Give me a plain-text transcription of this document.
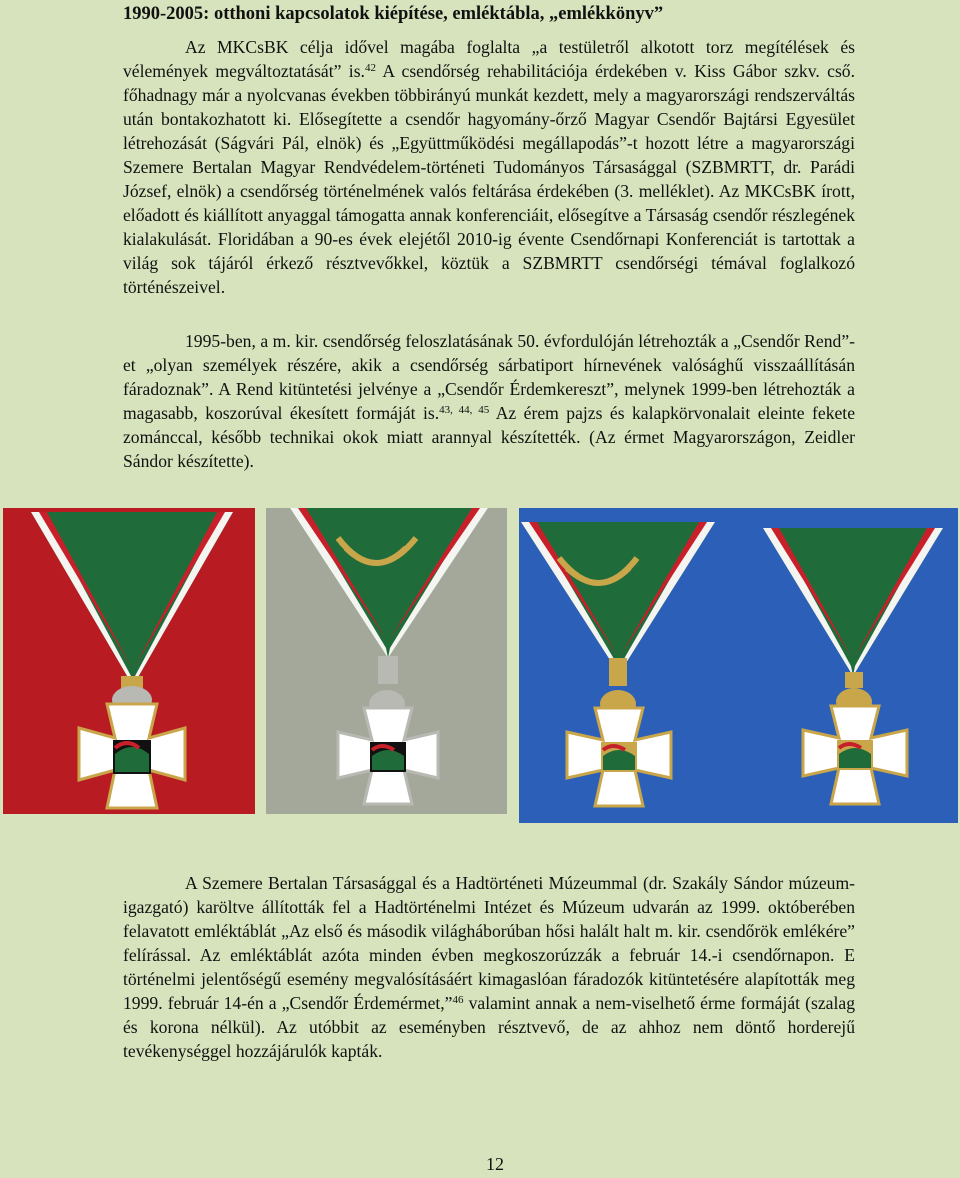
1990-2005: otthoni kapcsolatok kiépítése, emléktábla, „emlékkönyv”

Az MKCsBK célja idővel magába foglalta „a testületről alkotott torz megítélések és vélemények megváltoztatását” is.$^{42}$ A csendőrség rehabilitációja érdekében v. Kiss Gábor szkv. cső. főhadnagy már a nyolcvanas években többirányú munkát kezdett, mely a magyarországi rendszerváltás után bontakozhatott ki. Elősegítette a csendőr hagyomány-őrző Magyar Csendőr Bajtársi Egyesület létrehozását (Ságvári Pál, elnök) és „Együttműködési megállapodás”-t hozott létre a magyarországi Szemere Bertalan Magyar Rendvédelem-történeti Tudományos Társasággal (SZBMRTT, dr. Parádi József, elnök) a csendőrség történelmének valós feltárása érdekében (3. melléklet). Az MKCsBK írott, előadott és kiállított anyaggal támogatta annak konferenciáit, elősegítve a Társaság csendőr részlegének kialakulását. Floridában a 90-es évek elejétől 2010-ig évente Csendőrnapi Konferenciát is tartottak a világ sok tájáról érkező résztvevőkkel, köztük a SZBMRTT csendőrségi témával foglalkozó történészeivel.

1995-ben, a m. kir. csendőrség feloszlatásának 50. évfordulóján létrehozták a „Csendőr Rend”-et „olyan személyek részére, akik a csendőrség sárbatiport hírnevének valósághű visszaállításán fáradoznak”. A Rend kitüntetési jelvénye a „Csendőr Érdemkereszt”, melynek 1999-ben létrehozták a magasabb, koszorúval ékesített formáját is.$^{43, 44, 45}$ Az érem pajzs és kalapkörvonalait eleinte fekete zománccal, később technikai okok miatt arannyal készítették. (Az érmet Magyarországon, Zeidler Sándor készítette).

A Szemere Bertalan Társasággal és a Hadtörténeti Múzeummal (dr. Szakály Sándor múzeum-igazgató) karöltve állították fel a Hadtörténelmi Intézet és Múzeum udvarán az 1999. októberében felavatott emléktáblát „Az első és második világháborúban hősi halált halt m. kir. csendőrök emlékére” felírással. Az emléktáblát azóta minden évben megkoszorúzzák a február 14.-i csendőrnapon. E történelmi jelentőségű esemény megvalósításáért kimagaslóan fáradozók kitüntetésére alapították meg 1999. február 14-én a „Csendőr Érdemérmet,”$^{46}$ valamint annak a nem-viselhető érme formáját (szalag és korona nélkül). Az utóbbit az eseményben résztvevő, de az ahhoz nem döntő horderejű tevékenységgel hozzájárulók kapták.

12
